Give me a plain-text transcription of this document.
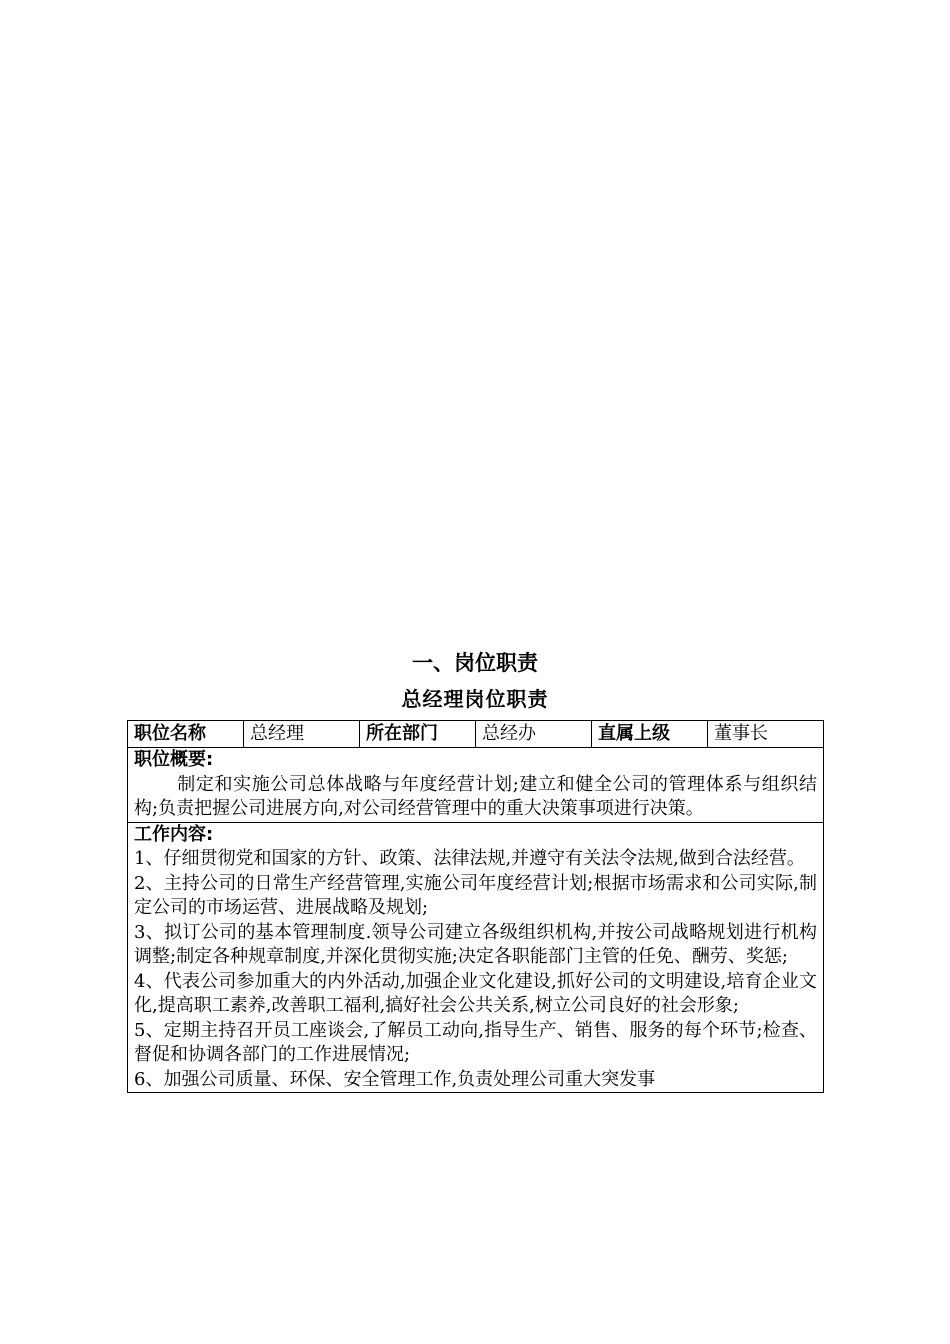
一、岗位职责
总经理岗位职责
职位名称	总经理	所在部门	总经办	直属上级	董事长

职位概要:
制定和实施公司总体战略与年度经营计划;建立和健全公司的管理体系与组织结构;负责把握公司进展方向,对公司经营管理中的重大决策事项进行决策。

工作内容:
1、仔细贯彻党和国家的方针、政策、法律法规,并遵守有关法令法规,做到合法经营。
2、主持公司的日常生产经营管理,实施公司年度经营计划;根据市场需求和公司实际,制定公司的市场运营、进展战略及规划;
3、拟订公司的基本管理制度.领导公司建立各级组织机构,并按公司战略规划进行机构调整;制定各种规章制度,并深化贯彻实施;决定各职能部门主管的任免、酬劳、奖惩;
4、代表公司参加重大的内外活动,加强企业文化建设,抓好公司的文明建设,培育企业文化,提高职工素养,改善职工福利,搞好社会公共关系,树立公司良好的社会形象;
5、定期主持召开员工座谈会,了解员工动向,指导生产、销售、服务的每个环节;检查、督促和协调各部门的工作进展情况;
6、加强公司质量、环保、安全管理工作,负责处理公司重大突发事
